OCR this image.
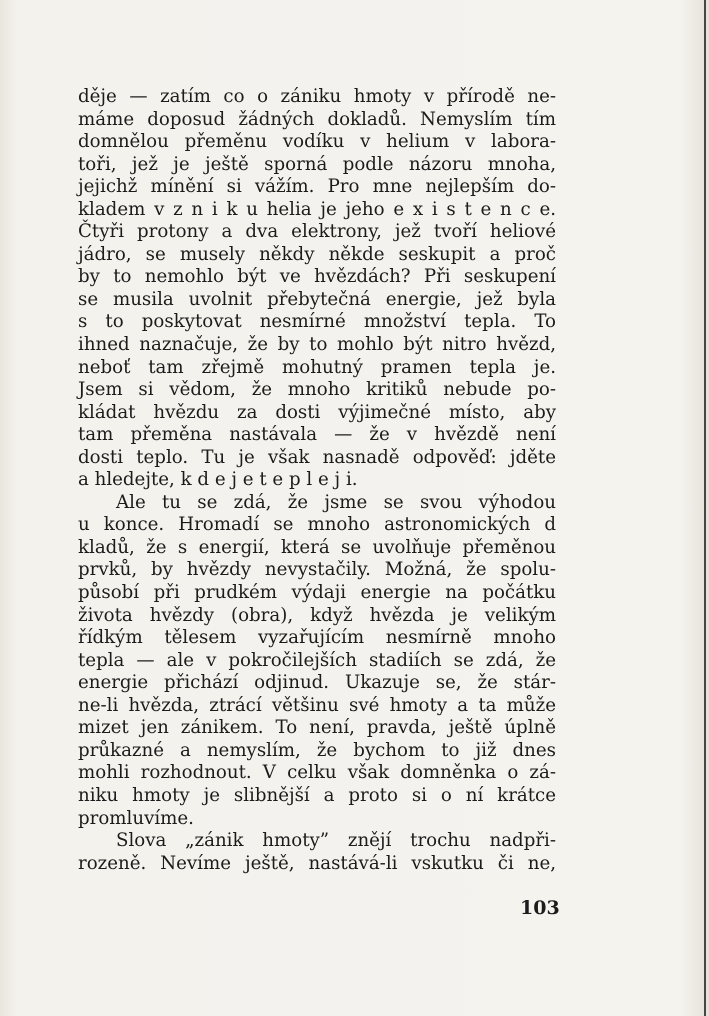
děje — zatím co o zániku hmoty v přírodě ne-
máme doposud žádných dokladů. Nemyslím tím
domnělou přeměnu vodíku v helium v labora-
toři, jež je ještě sporná podle názoru mnoha,
jejichž mínění si vážím. Pro mne nejlepším do-
kladem v z n i k u helia je jeho e x i s t e n c e.
Čtyři protony a dva elektrony, jež tvoří heliové
jádro, se musely někdy někde seskupit a proč
by to nemohlo být ve hvězdách? Při seskupení
se musila uvolnit přebytečná energie, jež byla
s to poskytovat nesmírné množství tepla. To
ihned naznačuje, že by to mohlo být nitro hvězd,
neboť tam zřejmě mohutný pramen tepla je.
Jsem si vědom, že mnoho kritiků nebude po-
kládat hvězdu za dosti výjimečné místo, aby
tam přeměna nastávala — že v hvězdě není
dosti teplo. Tu je však nasnadě odpověď: jděte
a hledejte, k d e j e t e p l e j i.
Ale tu se zdá, že jsme se svou výhodou
u konce. Hromadí se mnoho astronomických d
kladů, že s energií, která se uvolňuje přeměnou
prvků, by hvězdy nevystačily. Možná, že spolu-
působí při prudkém výdaji energie na počátku
života hvězdy (obra), když hvězda je velikým
řídkým tělesem vyzařujícím nesmírně mnoho
tepla — ale v pokročilejších stadiích se zdá, že
energie přichází odjinud. Ukazuje se, že stár-
ne-li hvězda, ztrácí většinu své hmoty a ta může
mizet jen zánikem. To není, pravda, ještě úplně
průkazné a nemyslím, že bychom to již dnes
mohli rozhodnout. V celku však domněnka o zá-
niku hmoty je slibnější a proto si o ní krátce
promluvíme.
Slova „zánik hmoty” znějí trochu nadpři-
rozeně. Nevíme ještě, nastává-li vskutku či ne,
103
